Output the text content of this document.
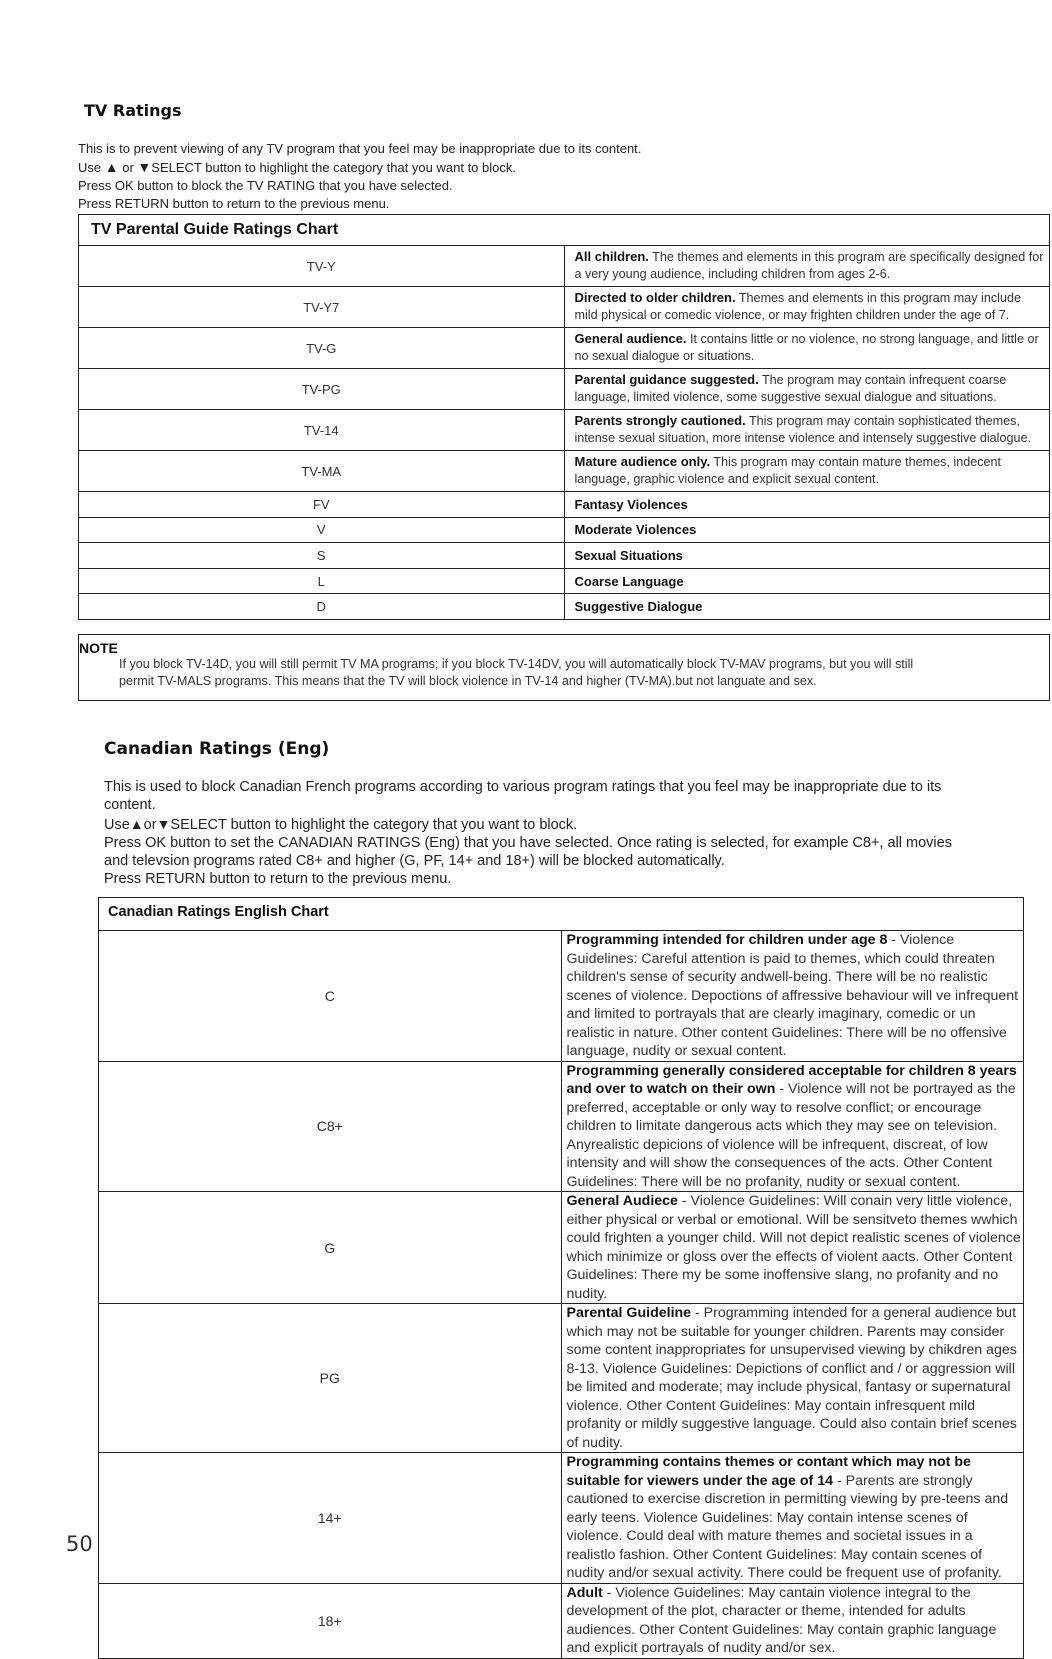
TV Ratings
This is to prevent viewing of any TV program that you feel may be inappropriate due to its content.
Use ▲ or ▼SELECT button to highlight the category that you want to block.
Press OK button to block the TV RATING that you have selected.
Press RETURN button to return to the previous menu.
TV Parental Guide Ratings Chart	
TV-Y	All children. The themes and elements in this program are specifically designed for a very young audience, including children from ages 2-6.
TV-Y7	Directed to older children. Themes and elements in this program may include mild physical or comedic violence, or may frighten children under the age of 7.
TV-G	General audience. It contains little or no violence, no strong language, and little or no sexual dialogue or situations.
TV-PG	Parental guidance suggested. The program may contain infrequent coarse language, limited violence, some suggestive sexual dialogue and situations.
TV-14	Parents strongly cautioned. This program may contain sophisticated themes, intense sexual situation, more intense violence and intensely suggestive dialogue.
TV-MA	Mature audience only. This program may contain mature themes, indecent language, graphic violence and explicit sexual content.
FV	Fantasy Violences
V	Moderate Violences
S	Sexual Situations
L	Coarse Language
D	Suggestive Dialogue
NOTE
If you block TV-14D, you will still permit TV MA programs; if you block TV-14DV, you will automatically block TV-MAV programs, but you will still
permit TV-MALS programs. This means that the TV will block violence in TV-14 and higher (TV-MA).but not languate and sex.
Canadian Ratings (Eng)
This is used to block Canadian French programs according to various program ratings that you feel may be inappropriate due to its
content.
Use▲or▼SELECT button to highlight the category that you want to block.
Press OK button to set the CANADIAN RATINGS (Eng) that you have selected. Once rating is selected, for example C8+, all movies
and televsion programs rated C8+ and higher (G, PF, 14+ and 18+) will be blocked automatically.
Press RETURN button to return to the previous menu.
Canadian Ratings English Chart	
C	Programming intended for children under age 8 - Violence Guidelines: Careful attention is paid to themes, which could threaten children's sense of security andwell-being. There will be no realistic scenes of violence. Depoctions of affressive behaviour will ve infrequent and limited to portrayals that are clearly imaginary, comedic or un realistic in nature. Other content Guidelines: There will be no offensive language, nudity or sexual content.
C8+	Programming generally considered acceptable for children 8 years and over to watch on their own - Violence will not be portrayed as the preferred, acceptable or only way to resolve conflict; or encourage children to limitate dangerous acts which they may see on television. Anyrealistic depicions of violence will be infrequent, discreat, of low intensity and will show the consequences of the acts. Other Content Guidelines: There will be no profanity, nudity or sexual content.
G	General Audiece - Violence Guidelines: Will conain very little violence, either physical or verbal or emotional. Will be sensitveto themes wwhich could frighten a younger child. Will not depict realistic scenes of violence which minimize or gloss over the effects of violent aacts. Other Content Guidelines: There my be some inoffensive slang, no profanity and no nudity.
PG	Parental Guideline - Programming intended for a general audience but which may not be suitable for younger children. Parents may consider some content inappropriates for unsupervised viewing by chikdren ages 8-13. Violence Guidelines: Depictions of conflict and / or aggression will be limited and moderate; may include physical, fantasy or supernatural violence. Other Content Guidelines: May contain infresquent mild profanity or mildly suggestive language. Could also contain brief scenes of nudity.
14+	Programming contains themes or contant which may not be suitable for viewers under the age of 14 - Parents are strongly cautioned to exercise discretion in permitting viewing by pre-teens and early teens. Violence Guidelines: May contain intense scenes of violence. Could deal with mature themes and societal issues in a realistlo fashion. Other Content Guidelines: May contain scenes of nudity and/or sexual activity. There could be frequent use of profanity.
18+	Adult - Violence Guidelines: May cantain violence integral to the development of the plot, character or theme, intended for adults audiences. Other Content Guidelines: May contain graphic language and explicit portrayals of nudity and/or sex.
50
